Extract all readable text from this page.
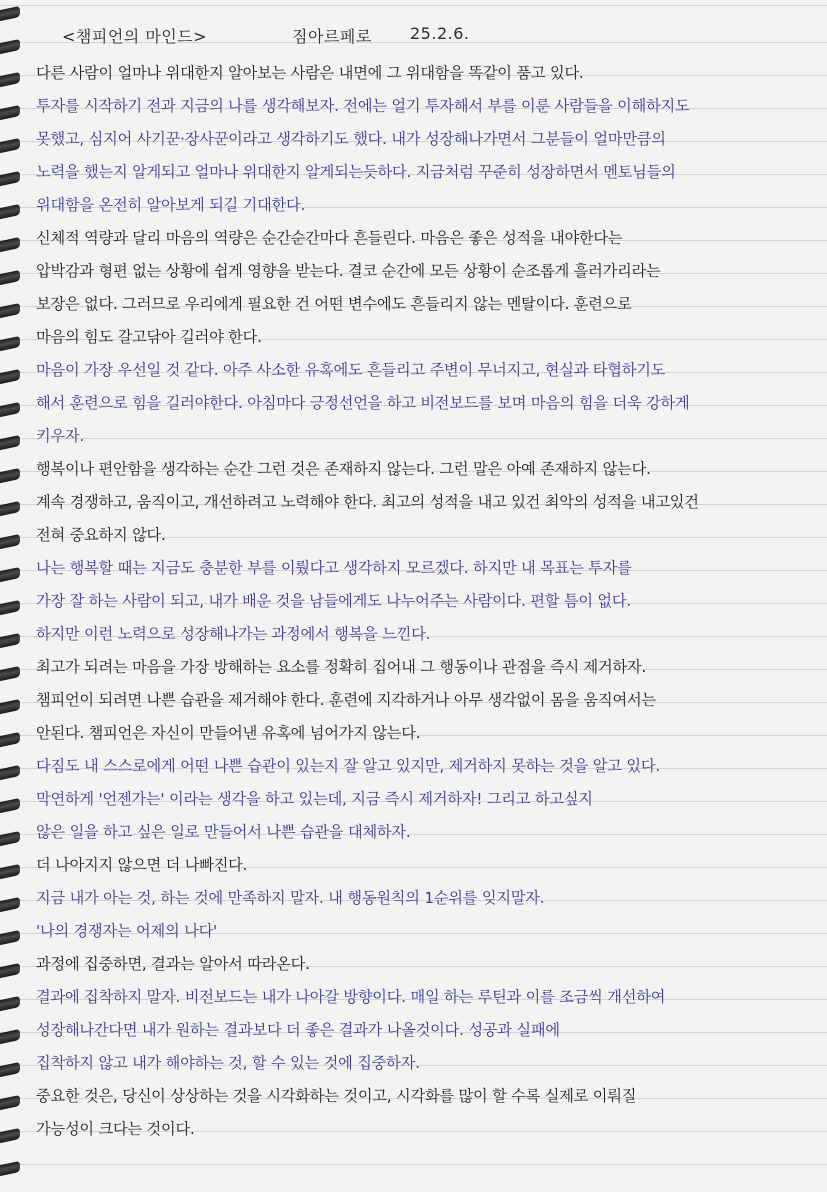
<챔피언의 마인드>	짐아르페로 25.2.6.
다른 사람이 얼마나 위대한지 알아보는 사람은 내면에 그 위대함을 똑같이 품고 있다.
투자를 시작하기 전과 지금의 나를 생각해보자. 전에는 얼기 투자해서 부를 이룬 사람들을 이해하지도
못했고, 심지어 사기꾼·장사꾼이라고 생각하기도 했다. 내가 성장해나가면서 그분들이 얼마만큼의
노력을 했는지 알게되고 얼마나 위대한지 알게되는듯하다. 지금처럼 꾸준히 성장하면서 멘토님들의
위대함을 온전히 알아보게 되길 기대한다.
신체적 역량과 달리 마음의 역량은 순간순간마다 흔들린다. 마음은 좋은 성적을 내야한다는
압박감과 형편 없는 상황에 쉽게 영향을 받는다. 결코 순간에 모든 상황이 순조롭게 흘러가리라는
보장은 없다. 그러므로 우리에게 필요한 건 어떤 변수에도 흔들리지 않는 멘탈이다. 훈련으로
마음의 힘도 갈고닦아 길러야 한다.
마음이 가장 우선일 것 같다. 아주 사소한 유혹에도 흔들리고 주변이 무너지고, 현실과 타협하기도
해서 훈련으로 힘을 길러야한다. 아침마다 긍정선언을 하고 비전보드를 보며 마음의 힘을 더욱 강하게
키우자.
행복이나 편안함을 생각하는 순간 그런 것은 존재하지 않는다. 그런 말은 아예 존재하지 않는다.
계속 경쟁하고, 움직이고, 개선하려고 노력해야 한다. 최고의 성적을 내고 있건 최악의 성적을 내고있건
전혀 중요하지 않다.
나는 행복할 때는 지금도 충분한 부를 이뤘다고 생각하지 모르겠다. 하지만 내 목표는 투자를
가장 잘 하는 사람이 되고, 내가 배운 것을 남들에게도 나누어주는 사람이다. 편할 틈이 없다.
하지만 이런 노력으로 성장해나가는 과정에서 행복을 느낀다.
최고가 되려는 마음을 가장 방해하는 요소를 정확히 집어내 그 행동이나 관점을 즉시 제거하자.
챔피언이 되려면 나쁜 습관을 제거해야 한다. 훈련에 지각하거나 아무 생각없이 몸을 움직여서는
안된다. 챔피언은 자신이 만들어낸 유혹에 넘어가지 않는다.
다짐도 내 스스로에게 어떤 나쁜 습관이 있는지 잘 알고 있지만, 제거하지 못하는 것을 알고 있다.
막연하게 '언젠가는' 이라는 생각을 하고 있는데, 지금 즉시 제거하자! 그리고 하고싶지
않은 일을 하고 싶은 일로 만들어서 나쁜 습관을 대체하자.
더 나아지지 않으면 더 나빠진다.
지금 내가 아는 것, 하는 것에 만족하지 말자. 내 행동원칙의 1순위를 잊지말자.
'나의 경쟁자는 어제의 나다'
과정에 집중하면, 결과는 알아서 따라온다.
결과에 집착하지 말자. 비전보드는 내가 나아갈 방향이다. 매일 하는 루틴과 이를 조금씩 개선하여
성장해나간다면 내가 원하는 결과보다 더 좋은 결과가 나올것이다. 성공과 실패에
집착하지 않고 내가 해야하는 것, 할 수 있는 것에 집중하자.
중요한 것은, 당신이 상상하는 것을 시각화하는 것이고, 시각화를 많이 할 수록 실제로 이뤄질
가능성이 크다는 것이다.
